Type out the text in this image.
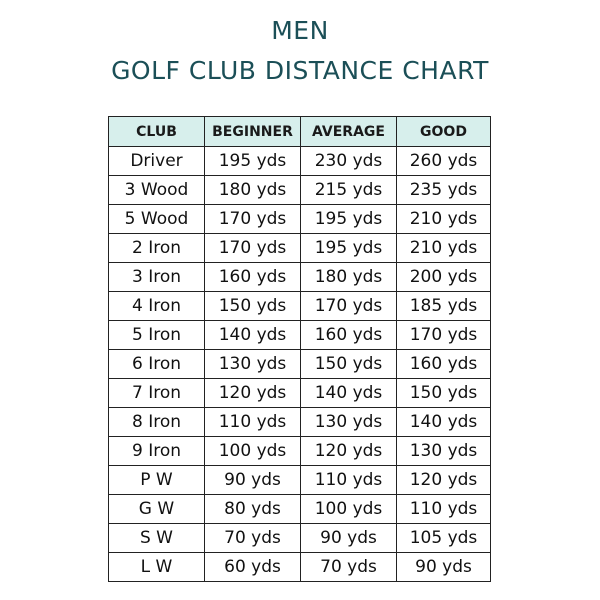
MEN
GOLF CLUB DISTANCE CHART
CLUB	BEGINNER	AVERAGE	GOOD
Driver	195 yds	230 yds	260 yds
3 Wood	180 yds	215 yds	235 yds
5 Wood	170 yds	195 yds	210 yds
2 Iron	170 yds	195 yds	210 yds
3 Iron	160 yds	180 yds	200 yds
4 Iron	150 yds	170 yds	185 yds
5 Iron	140 yds	160 yds	170 yds
6 Iron	130 yds	150 yds	160 yds
7 Iron	120 yds	140 yds	150 yds
8 Iron	110 yds	130 yds	140 yds
9 Iron	100 yds	120 yds	130 yds
P W	90 yds	110 yds	120 yds
G W	80 yds	100 yds	110 yds
S W	70 yds	90 yds	105 yds
L W	60 yds	70 yds	90 yds
